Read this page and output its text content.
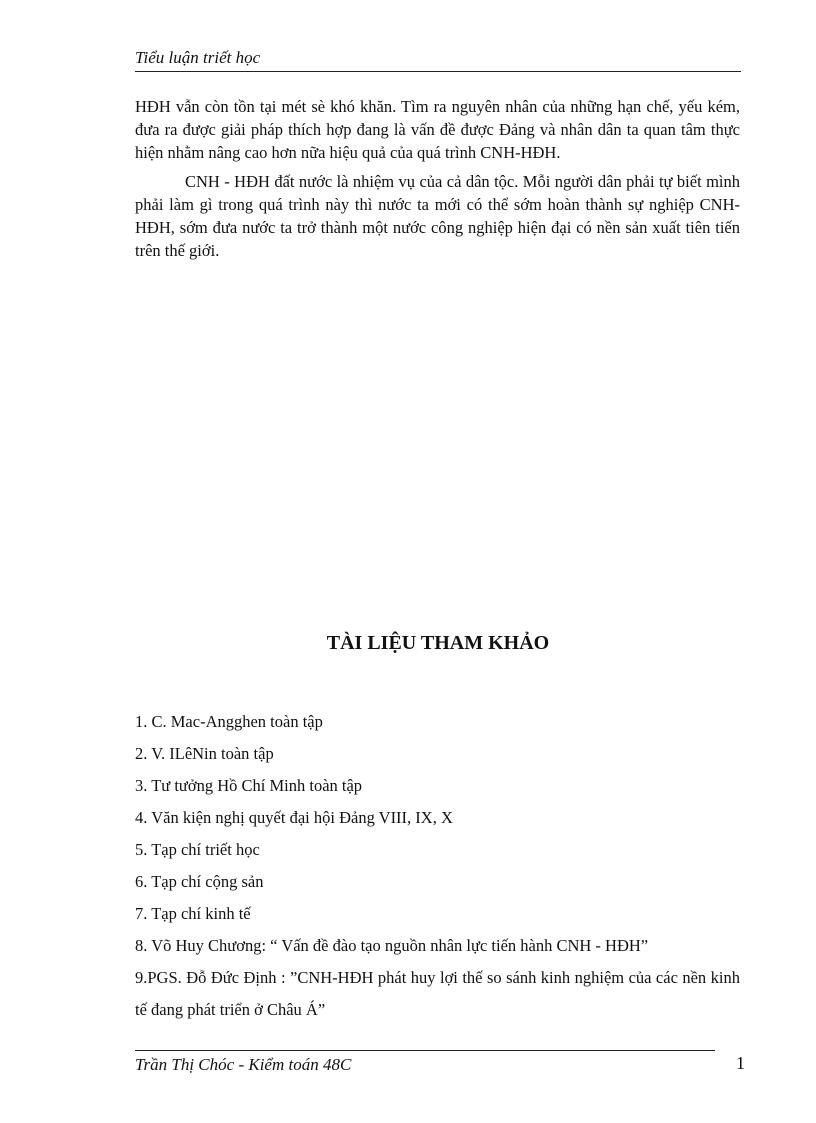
Tiểu luận triết học

HĐH vẫn còn tồn tại mét sè khó khăn. Tìm ra nguyên nhân của những hạn chế, yếu kém, đưa ra được giải pháp thích hợp đang là vấn đề được Đảng và nhân dân ta quan tâm thực hiện nhằm nâng cao hơn nữa hiệu quả của quá trình CNH-HĐH.

CNH - HĐH đất nước là nhiệm vụ của cả dân tộc. Mỗi người dân phải tự biết mình phải làm gì trong quá trình này thì nước ta mới có thể sớm hoàn thành sự nghiệp CNH-HĐH, sớm đưa nước ta trở thành một nước công nghiệp hiện đại có nền sản xuất tiên tiến trên thế giới.

TÀI LIỆU THAM KHẢO
1. C. Mac-Angghen toàn tập
2. V. ILêNin toàn tập
3. Tư tưởng Hồ Chí Minh toàn tập
4. Văn kiện nghị quyết đại hội Đảng VIII, IX, X
5. Tạp chí triết học
6. Tạp chí cộng sản
7. Tạp chí kinh tế
8. Võ Huy Chương: “ Vấn đề đào tạo nguồn nhân lực tiến hành CNH - HĐH”
9.PGS. Đỗ Đức Định : ”CNH-HĐH phát huy lợi thế so sánh kinh nghiệm của các nền kinh tế đang phát triển ở Châu Á”
Trần Thị Chóc - Kiểm toán 48C	1
